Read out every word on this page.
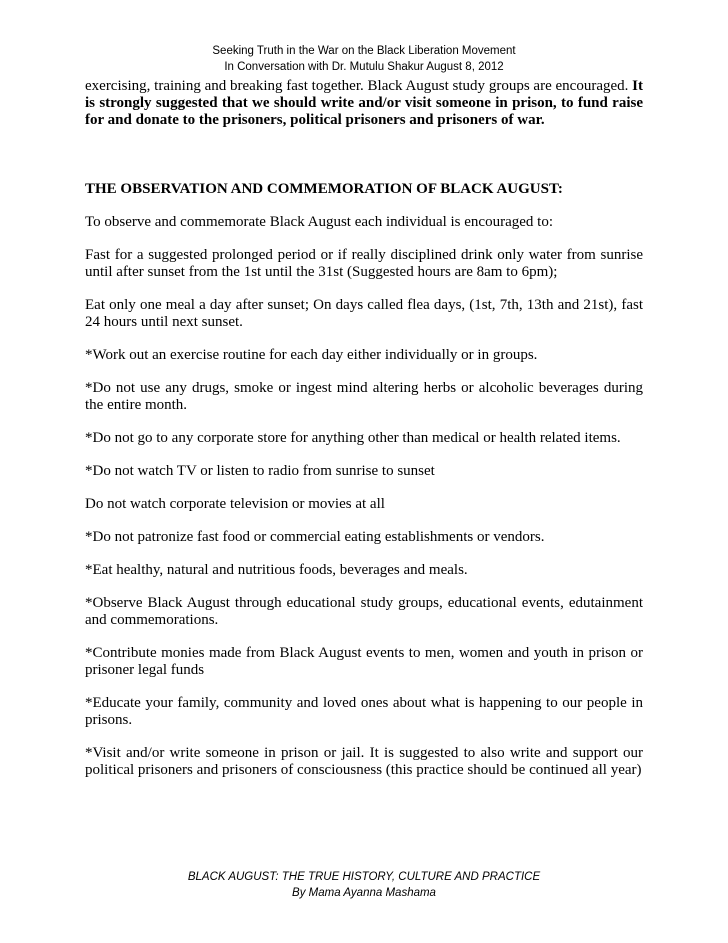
Seeking Truth in the War on the Black Liberation Movement
In Conversation with Dr. Mutulu Shakur August 8, 2012

exercising, training and breaking fast together. Black August study groups are encouraged. It is strongly suggested that we should write and/or visit someone in prison, to fund raise for and donate to the prisoners, political prisoners and prisoners of war.

THE OBSERVATION AND COMMEMORATION OF BLACK AUGUST:

To observe and commemorate Black August each individual is encouraged to:

Fast for a suggested prolonged period or if really disciplined drink only water from sunrise until after sunset from the 1st until the 31st (Suggested hours are 8am to 6pm);

Eat only one meal a day after sunset; On days called flea days, (1st, 7th, 13th and 21st), fast 24 hours until next sunset.

*Work out an exercise routine for each day either individually or in groups.

*Do not use any drugs, smoke or ingest mind altering herbs or alcoholic beverages during the entire month.

*Do not go to any corporate store for anything other than medical or health related items.

*Do not watch TV or listen to radio from sunrise to sunset

Do not watch corporate television or movies at all

*Do not patronize fast food or commercial eating establishments or vendors.

*Eat healthy, natural and nutritious foods, beverages and meals.

*Observe Black August through educational study groups, educational events, edutainment and commemorations.

*Contribute monies made from Black August events to men, women and youth in prison or prisoner legal funds

*Educate your family, community and loved ones about what is happening to our people in prisons.

*Visit and/or write someone in prison or jail. It is suggested to also write and support our political prisoners and prisoners of consciousness (this practice should be continued all year)

BLACK AUGUST: THE TRUE HISTORY, CULTURE AND PRACTICE
By Mama Ayanna Mashama
